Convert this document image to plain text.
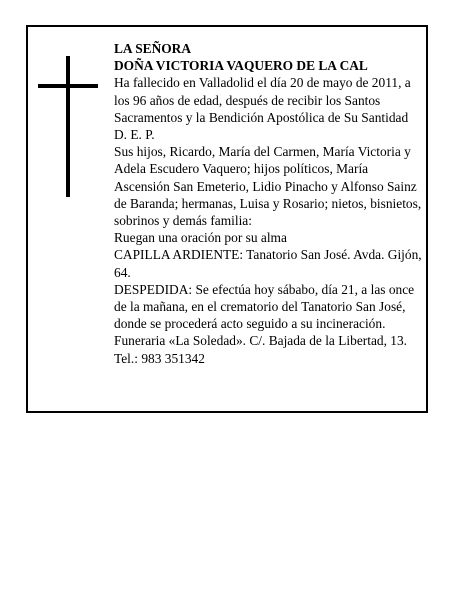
LA SEÑORA

DOÑA VICTORIA VAQUERO DE LA CAL

Ha fallecido en Valladolid el día 20 de mayo de 2011, a los 96 años de edad, después de recibir los Santos Sacramentos y la Bendición Apostólica de Su Santidad D. E. P.

Sus hijos, Ricardo, María del Carmen, María Victoria y Adela Escudero Vaquero; hijos políticos, María Ascensión San Emeterio, Lidio Pinacho y Alfonso Sainz de Baranda; hermanas, Luisa y Rosario; nietos, bisnietos, sobrinos y demás familia:

Ruegan una oración por su alma

CAPILLA ARDIENTE: Tanatorio San José. Avda. Gijón, 64.

DESPEDIDA: Se efectúa hoy sábabo, día 21, a las once de la mañana, en el crematorio del Tanatorio San José, donde se procederá acto seguido a su incineración.

Funeraria «La Soledad». C/. Bajada de la Libertad, 13. Tel.: 983 351342
